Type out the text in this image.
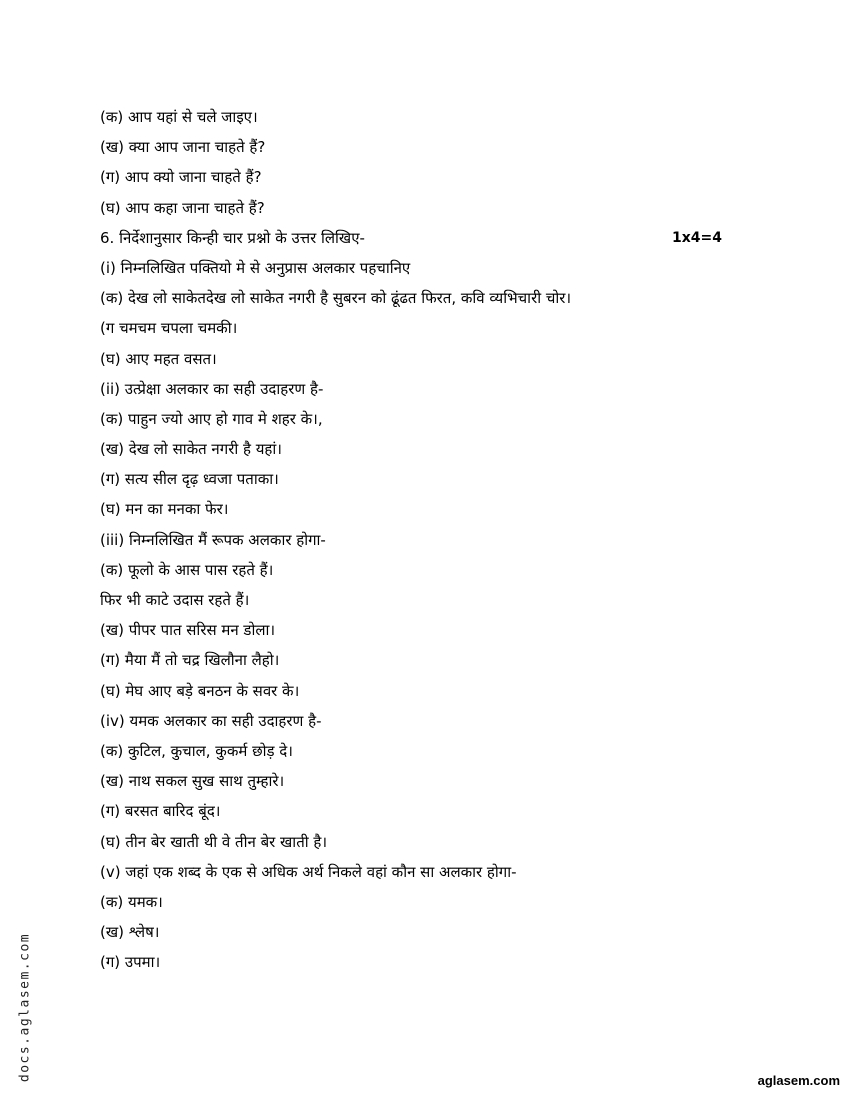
(क) आप यहां से चले जाइए।
(ख) क्या आप जाना चाहते हैं?
(ग) आप क्यो जाना चाहते हैं?
(घ) आप कहा जाना चाहते हैं?
6. निर्देशानुसार किन्ही चार प्रश्नो के उत्तर लिखिए-	1x4=4
(i) निम्नलिखित पक्तियो मे से अनुप्रास अलकार पहचानिए
(क) देख लो साकेतदेख लो साकेत नगरी है सुबरन को ढूंढत फिरत, कवि व्यभिचारी चोर।
(ग चमचम चपला चमकी।
(घ) आए महत वसत।
(ii) उत्प्रेक्षा अलकार का सही उदाहरण है-
(क) पाहुन ज्यो आए हो गाव मे शहर के।,
(ख) देख लो साकेत नगरी है यहां।
(ग) सत्य सील दृढ़ ध्वजा पताका।
(घ) मन का मनका फेर।
(iii) निम्नलिखित मैं रूपक अलकार होगा-
(क) फूलो के आस पास रहते हैं।
फिर भी काटे उदास रहते हैं।
(ख) पीपर पात सरिस मन डोला।
(ग) मैया मैं तो चद्र खिलौना लैहो।
(घ) मेघ आए बड़े बनठन के सवर के।
(iv) यमक अलकार का सही उदाहरण है-
(क) कुटिल, कुचाल, कुकर्म छोड़ दे।
(ख) नाथ सकल सुख साथ तुम्हारे।
(ग) बरसत बारिद बूंद।
(घ) तीन बेर खाती थी वे तीन बेर खाती है।
(v) जहां एक शब्द के एक से अधिक अर्थ निकले वहां कौन सा अलकार होगा-
(क) यमक।
(ख) श्लेष।
(ग) उपमा।
docs.aglasem.com	aglasem.com
